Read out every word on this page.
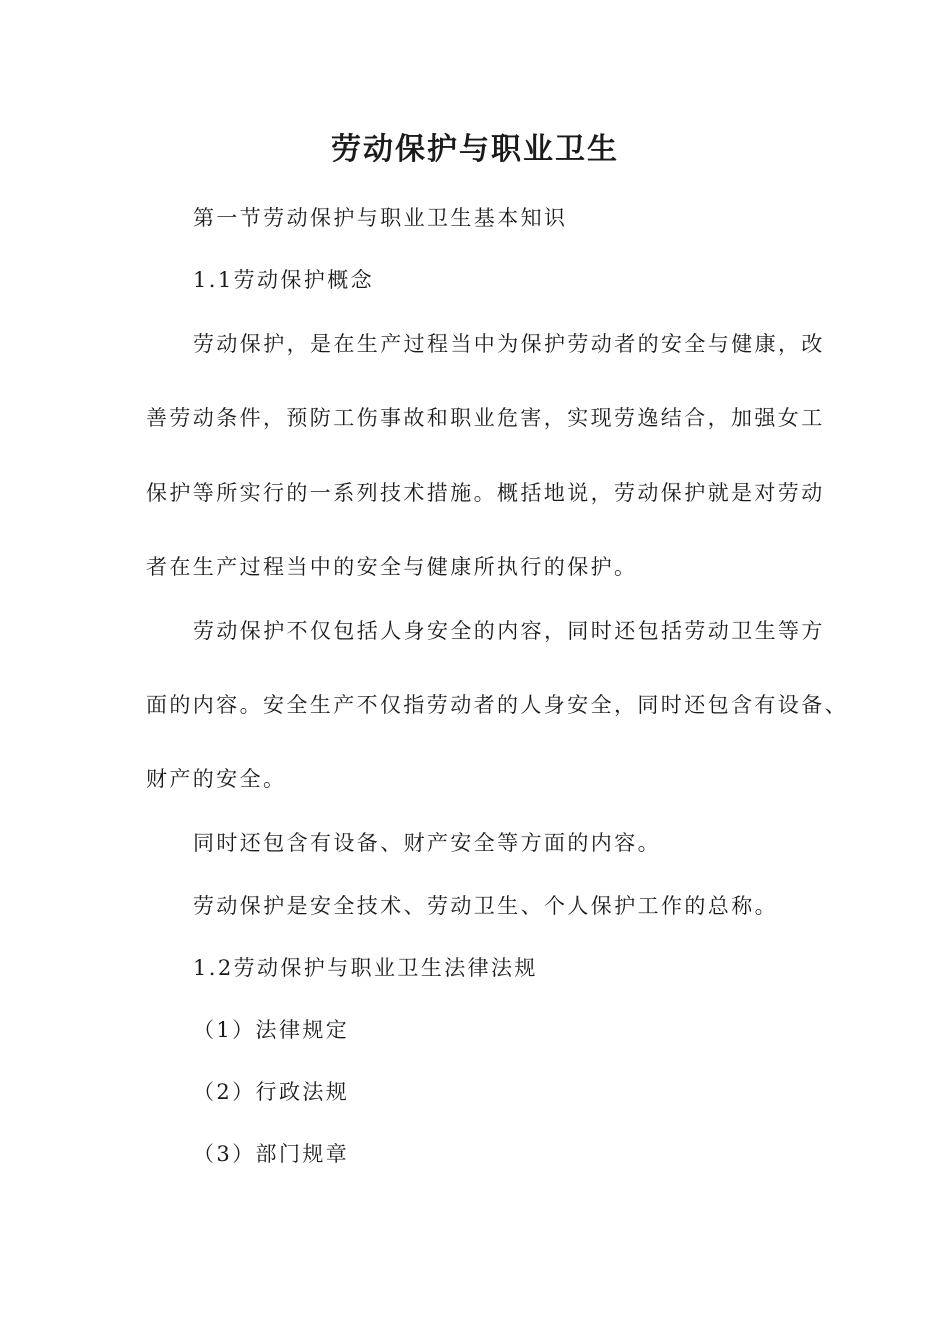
劳动保护与职业卫生
第一节劳动保护与职业卫生基本知识
1.1劳动保护概念
劳动保护，是在生产过程当中为保护劳动者的安全与健康，改
善劳动条件，预防工伤事故和职业危害，实现劳逸结合，加强女工
保护等所实行的一系列技术措施。概括地说，劳动保护就是对劳动
者在生产过程当中的安全与健康所执行的保护。
劳动保护不仅包括人身安全的内容，同时还包括劳动卫生等方
面的内容。安全生产不仅指劳动者的人身安全，同时还包含有设备、
财产的安全。
同时还包含有设备、财产安全等方面的内容。
劳动保护是安全技术、劳动卫生、个人保护工作的总称。
1.2劳动保护与职业卫生法律法规
（1）法律规定
（2）行政法规
（3）部门规章
